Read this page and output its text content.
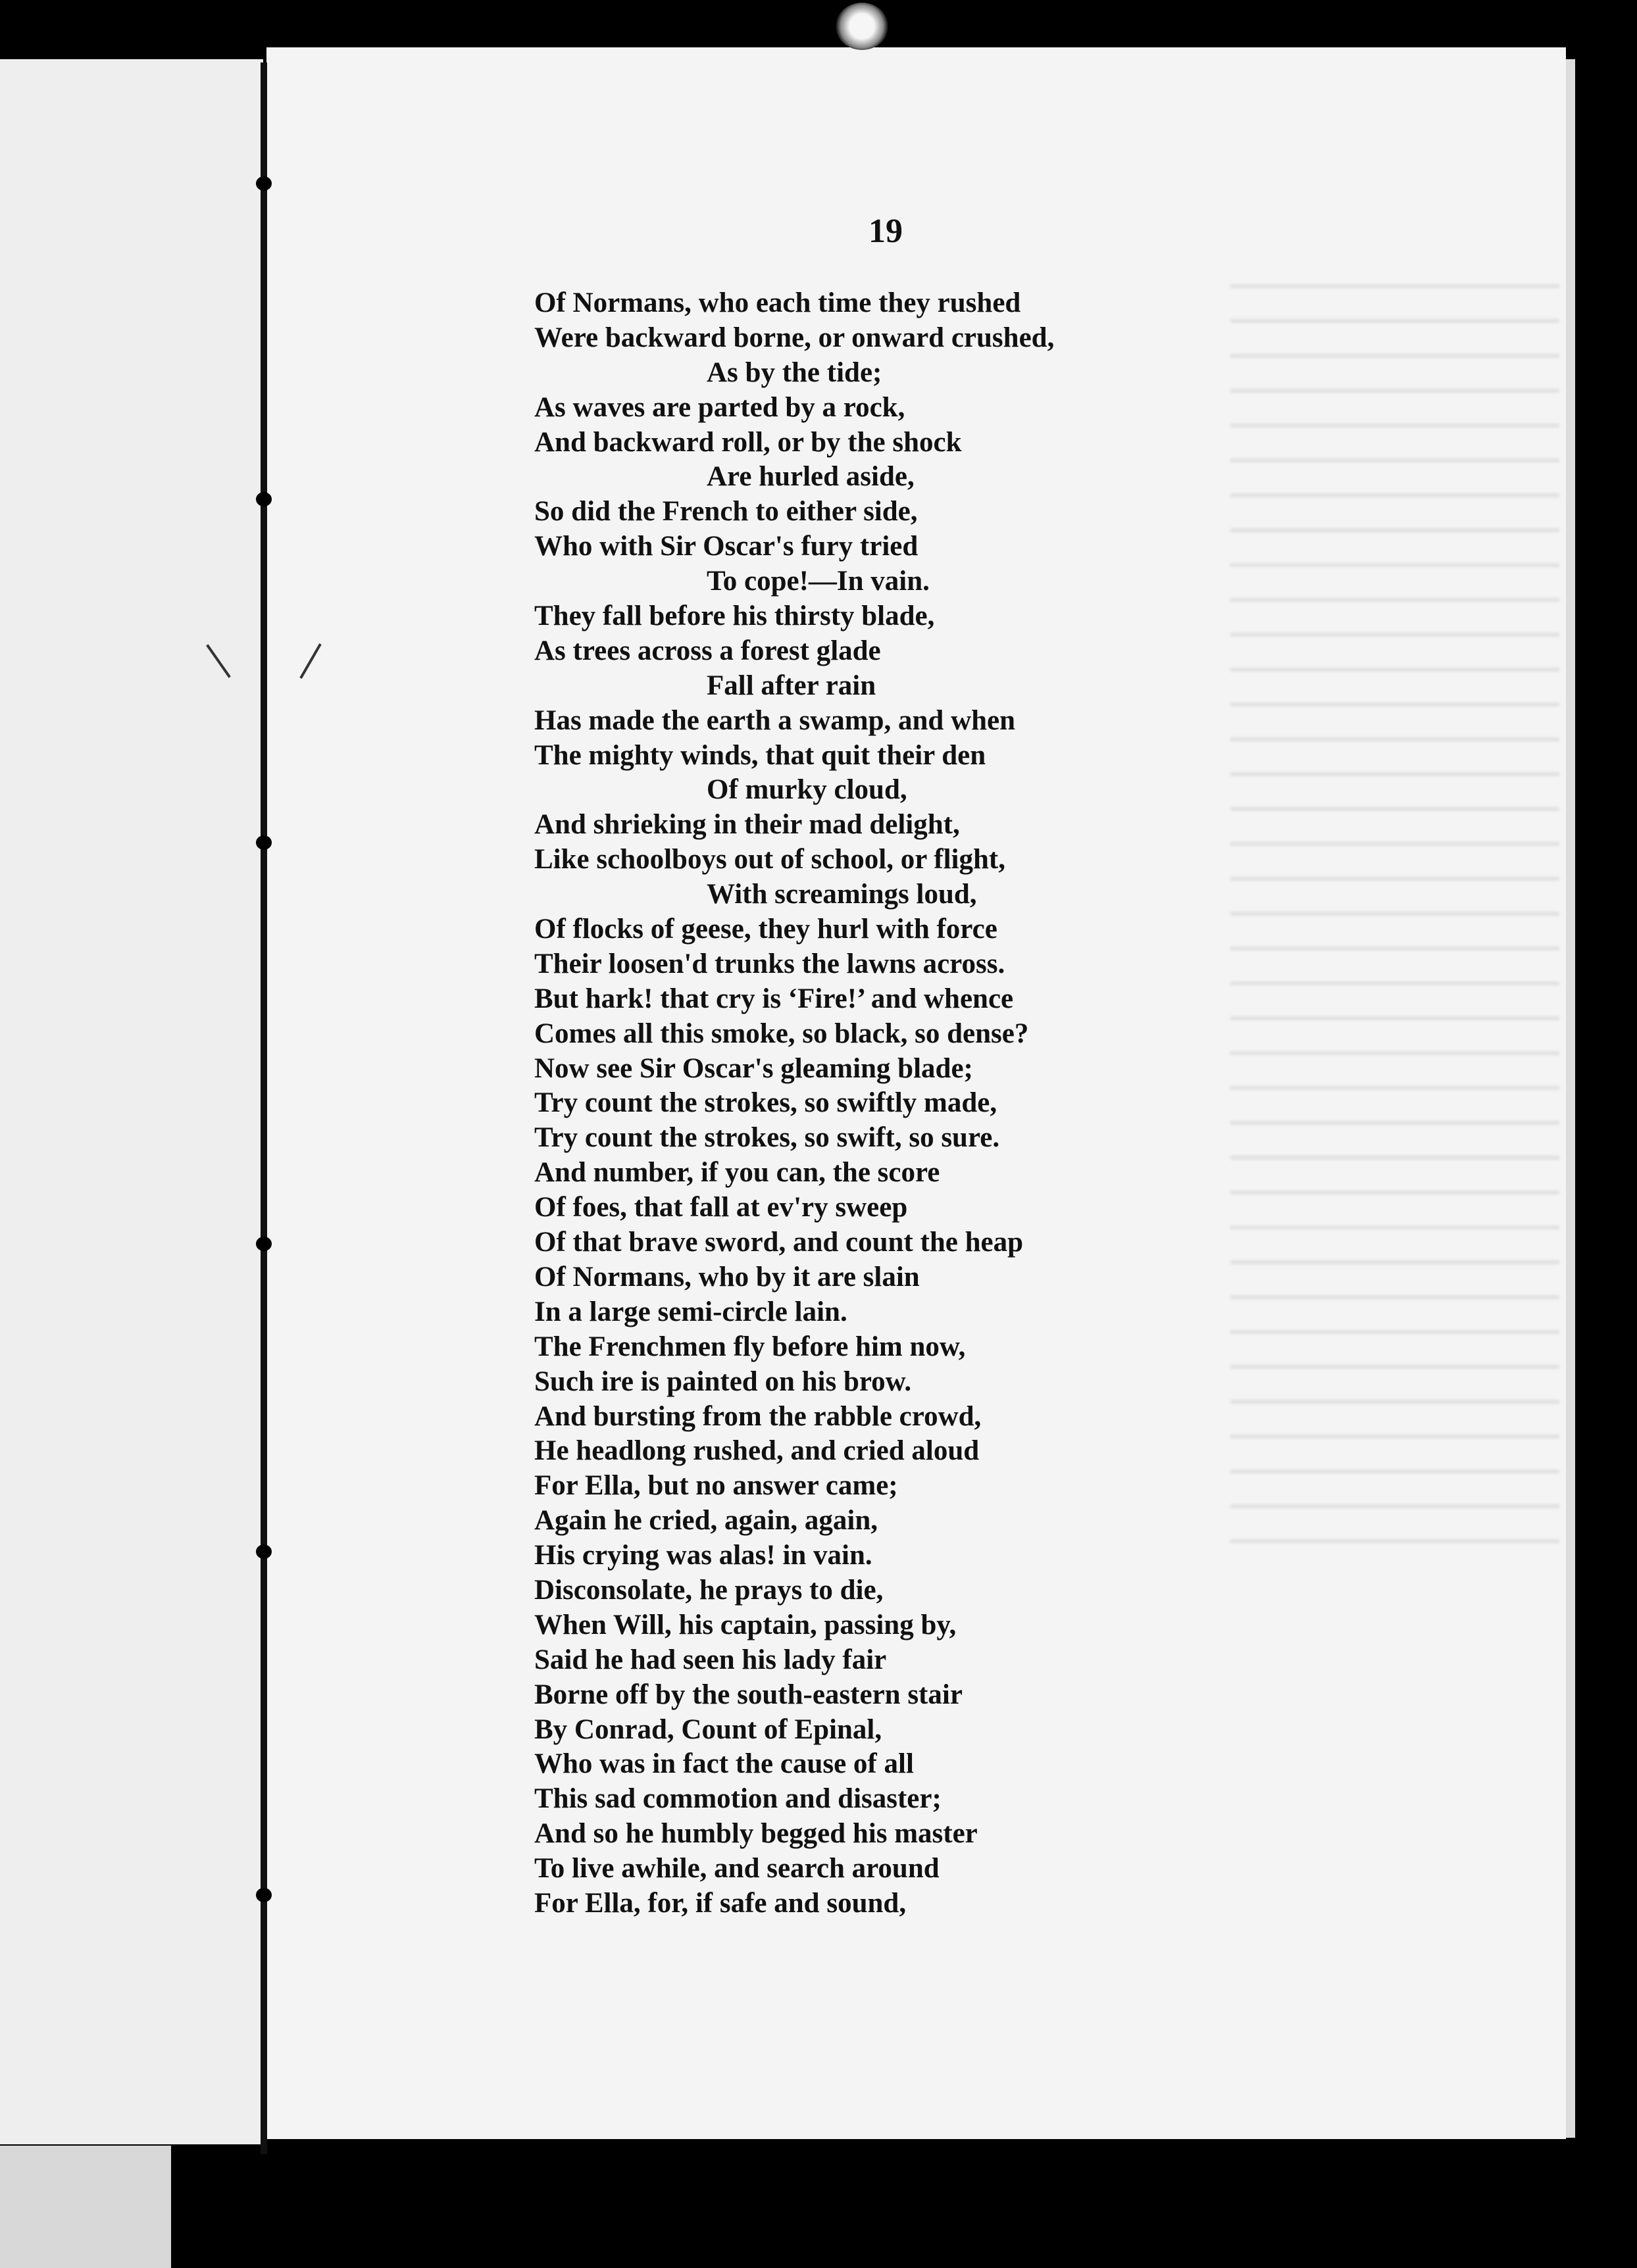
19

Of Normans, who each time they rushed
Were backward borne, or onward crushed,
As by the tide;
As waves are parted by a rock,
And backward roll, or by the shock
Are hurled aside,
So did the French to either side,
Who with Sir Oscar's fury tried
To cope!—In vain.
They fall before his thirsty blade,
As trees across a forest glade
Fall after rain
Has made the earth a swamp, and when
The mighty winds, that quit their den
Of murky cloud,
And shrieking in their mad delight,
Like schoolboys out of school, or flight,
With screamings loud,
Of flocks of geese, they hurl with force
Their loosen'd trunks the lawns across.
But hark! that cry is ‘Fire!’ and whence
Comes all this smoke, so black, so dense?
Now see Sir Oscar's gleaming blade;
Try count the strokes, so swiftly made,
Try count the strokes, so swift, so sure.
And number, if you can, the score
Of foes, that fall at ev'ry sweep
Of that brave sword, and count the heap
Of Normans, who by it are slain
In a large semi-circle lain.
The Frenchmen fly before him now,
Such ire is painted on his brow.
And bursting from the rabble crowd,
He headlong rushed, and cried aloud
For Ella, but no answer came;
Again he cried, again, again,
His crying was alas! in vain.
Disconsolate, he prays to die,
When Will, his captain, passing by,
Said he had seen his lady fair
Borne off by the south-eastern stair
By Conrad, Count of Epinal,
Who was in fact the cause of all
This sad commotion and disaster;
And so he humbly begged his master
To live awhile, and search around
For Ella, for, if safe and sound,
